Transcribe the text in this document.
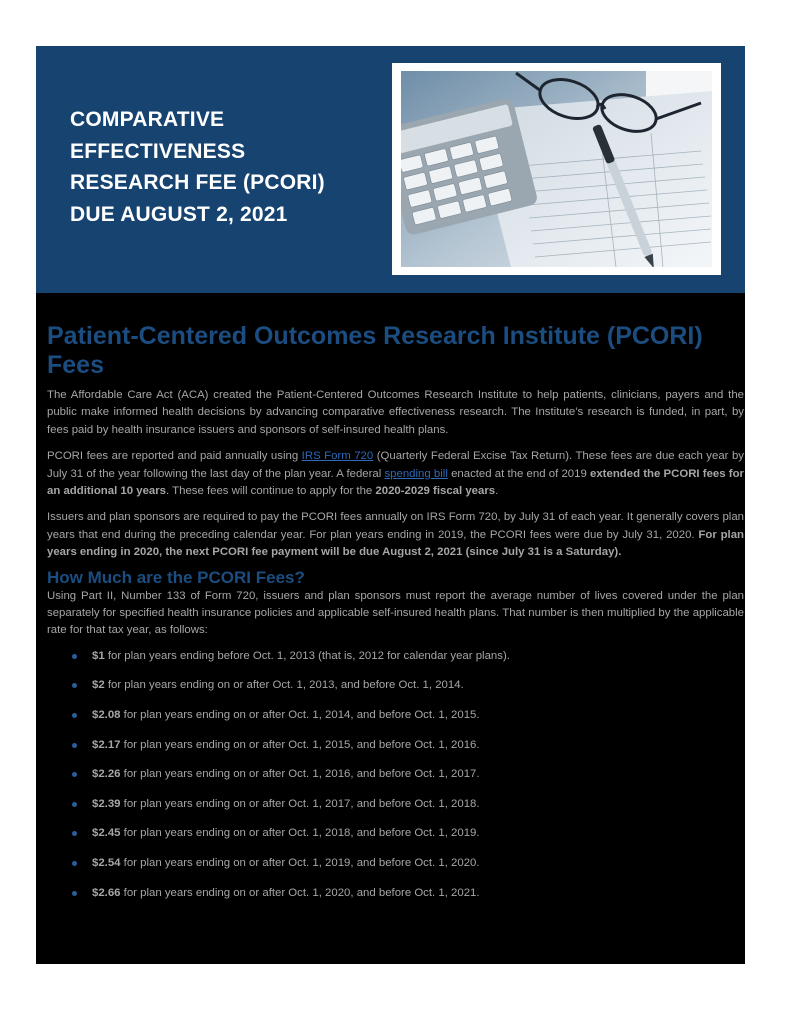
COMPARATIVE
EFFECTIVENESS
RESEARCH FEE (PCORI)
DUE AUGUST 2, 2021
Patient-Centered Outcomes Research Institute (PCORI) Fees

The Affordable Care Act (ACA) created the Patient-Centered Outcomes Research Institute to help patients, clinicians, payers and the public make informed health decisions by advancing comparative effectiveness research. The Institute’s research is funded, in part, by fees paid by health insurance issuers and sponsors of self-insured health plans.

PCORI fees are reported and paid annually using IRS Form 720 (Quarterly Federal Excise Tax Return). These fees are due each year by July 31 of the year following the last day of the plan year. A federal spending bill enacted at the end of 2019 extended the PCORI fees for an additional 10 years. These fees will continue to apply for the 2020-2029 fiscal years.

Issuers and plan sponsors are required to pay the PCORI fees annually on IRS Form 720, by July 31 of each year. It generally covers plan years that end during the preceding calendar year. For plan years ending in 2019, the PCORI fees were due by July 31, 2020. For plan years ending in 2020, the next PCORI fee payment will be due August 2, 2021 (since July 31 is a Saturday).

How Much are the PCORI Fees?

Using Part II, Number 133 of Form 720, issuers and plan sponsors must report the average number of lives covered under the plan separately for specified health insurance policies and applicable self-insured health plans. That number is then multiplied by the applicable rate for that tax year, as follows:

$1 for plan years ending before Oct. 1, 2013 (that is, 2012 for calendar year plans).
$2 for plan years ending on or after Oct. 1, 2013, and before Oct. 1, 2014.
$2.08 for plan years ending on or after Oct. 1, 2014, and before Oct. 1, 2015.
$2.17 for plan years ending on or after Oct. 1, 2015, and before Oct. 1, 2016.
$2.26 for plan years ending on or after Oct. 1, 2016, and before Oct. 1, 2017.
$2.39 for plan years ending on or after Oct. 1, 2017, and before Oct. 1, 2018.
$2.45 for plan years ending on or after Oct. 1, 2018, and before Oct. 1, 2019.
$2.54 for plan years ending on or after Oct. 1, 2019, and before Oct. 1, 2020.
$2.66 for plan years ending on or after Oct. 1, 2020, and before Oct. 1, 2021.
